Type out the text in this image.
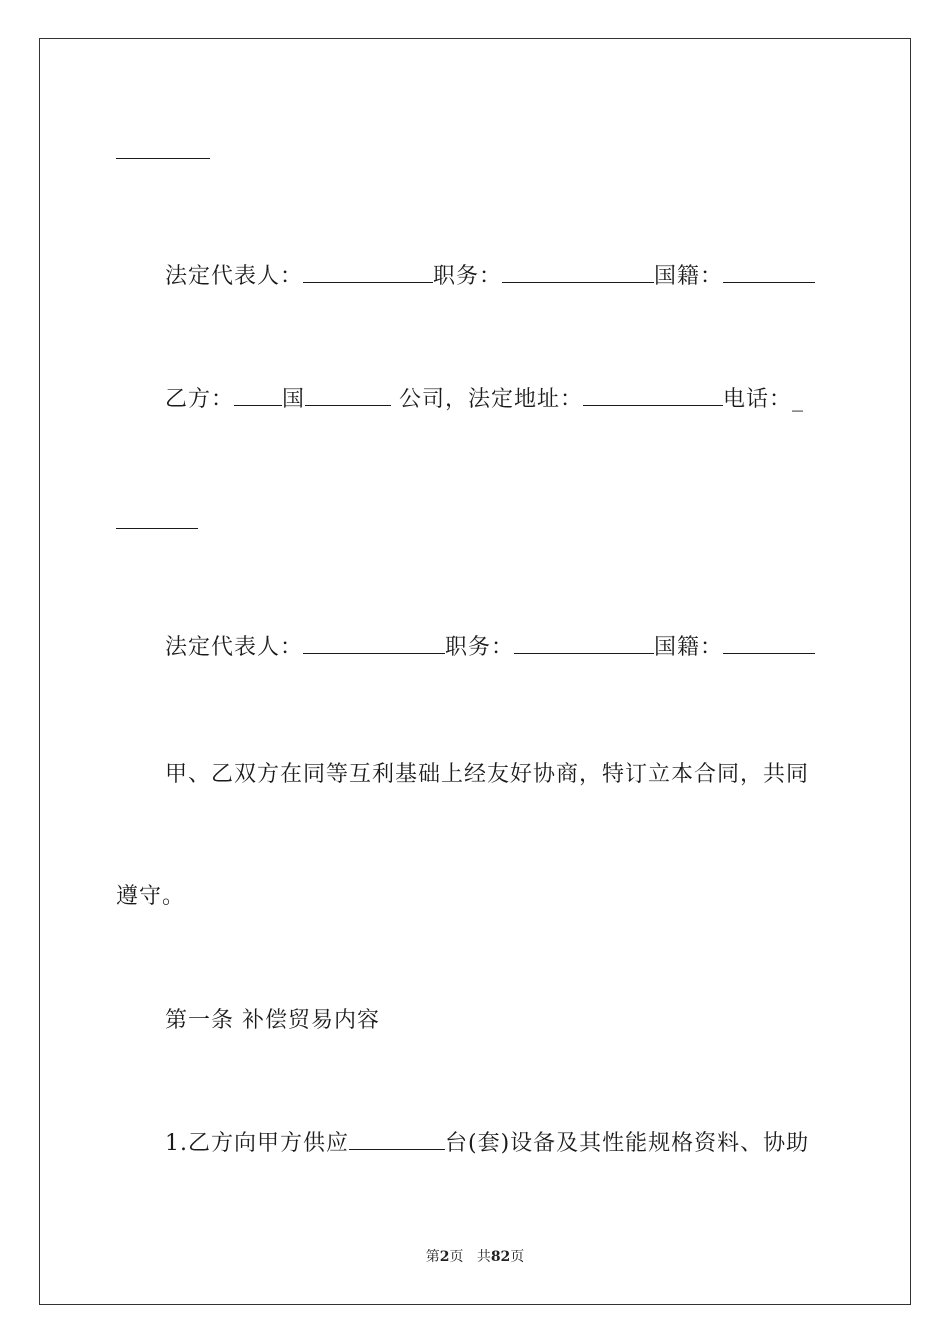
法定代表人：	职务：	国籍：
乙方： 国	公司，法定地址：	电话：_
法定代表人：	职务：	国籍：
甲、乙双方在同等互利基础上经友好协商，特订立本合同，共同
遵守。
第一条 补偿贸易内容
1.乙方向甲方供应	台(套)设备及其性能规格资料、协助
第2页 共82页
